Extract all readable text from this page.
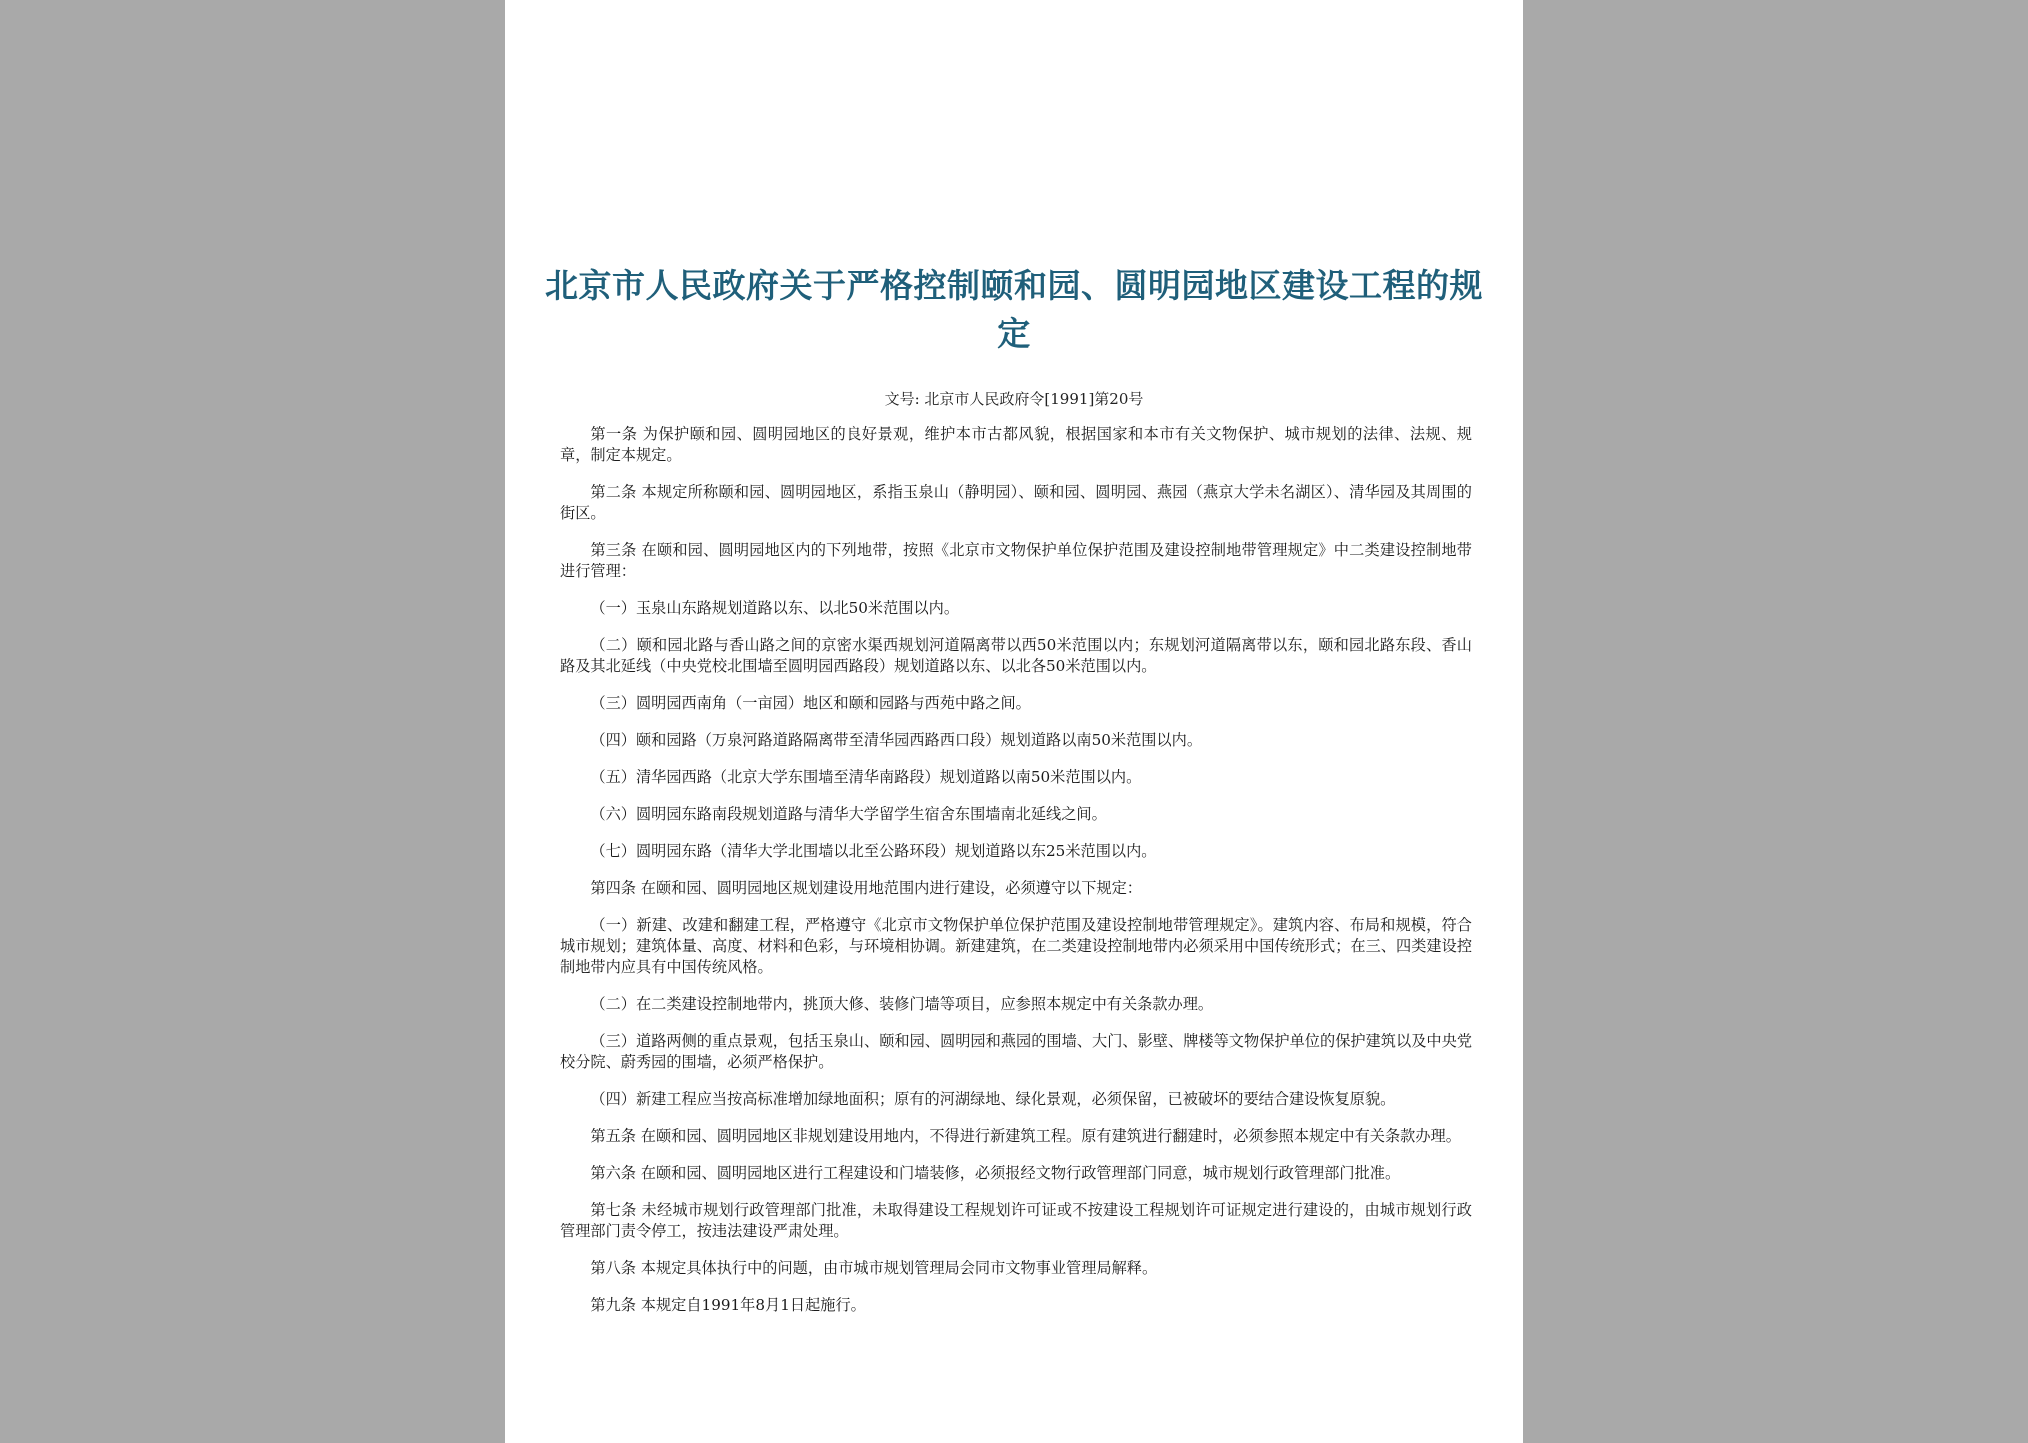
北京市人民政府关于严格控制颐和园、圆明园地区建设工程的规定
文号: 北京市人民政府令[1991]第20号

第一条 为保护颐和园、圆明园地区的良好景观，维护本市古都风貌，根据国家和本市有关文物保护、城市规划的法律、法规、规章，制定本规定。

第二条 本规定所称颐和园、圆明园地区，系指玉泉山（静明园）、颐和园、圆明园、燕园（燕京大学未名湖区）、清华园及其周围的街区。

第三条 在颐和园、圆明园地区内的下列地带，按照《北京市文物保护单位保护范围及建设控制地带管理规定》中二类建设控制地带进行管理：

（一）玉泉山东路规划道路以东、以北50米范围以内。

（二）颐和园北路与香山路之间的京密水渠西规划河道隔离带以西50米范围以内；东规划河道隔离带以东，颐和园北路东段、香山路及其北延线（中央党校北围墙至圆明园西路段）规划道路以东、以北各50米范围以内。

（三）圆明园西南角（一亩园）地区和颐和园路与西苑中路之间。

（四）颐和园路（万泉河路道路隔离带至清华园西路西口段）规划道路以南50米范围以内。

（五）清华园西路（北京大学东围墙至清华南路段）规划道路以南50米范围以内。

（六）圆明园东路南段规划道路与清华大学留学生宿舍东围墙南北延线之间。

（七）圆明园东路（清华大学北围墙以北至公路环段）规划道路以东25米范围以内。

第四条 在颐和园、圆明园地区规划建设用地范围内进行建设，必须遵守以下规定：

（一）新建、改建和翻建工程，严格遵守《北京市文物保护单位保护范围及建设控制地带管理规定》。建筑内容、布局和规模，符合城市规划；建筑体量、高度、材料和色彩，与环境相协调。新建建筑，在二类建设控制地带内必须采用中国传统形式；在三、四类建设控制地带内应具有中国传统风格。

（二）在二类建设控制地带内，挑顶大修、装修门墙等项目，应参照本规定中有关条款办理。

（三）道路两侧的重点景观，包括玉泉山、颐和园、圆明园和燕园的围墙、大门、影壁、牌楼等文物保护单位的保护建筑以及中央党校分院、蔚秀园的围墙，必须严格保护。

（四）新建工程应当按高标准增加绿地面积；原有的河湖绿地、绿化景观，必须保留，已被破坏的要结合建设恢复原貌。

第五条 在颐和园、圆明园地区非规划建设用地内，不得进行新建筑工程。原有建筑进行翻建时，必须参照本规定中有关条款办理。

第六条 在颐和园、圆明园地区进行工程建设和门墙装修，必须报经文物行政管理部门同意，城市规划行政管理部门批准。

第七条 未经城市规划行政管理部门批准，未取得建设工程规划许可证或不按建设工程规划许可证规定进行建设的，由城市规划行政管理部门责令停工，按违法建设严肃处理。

第八条 本规定具体执行中的问题，由市城市规划管理局会同市文物事业管理局解释。

第九条 本规定自1991年8月1日起施行。
